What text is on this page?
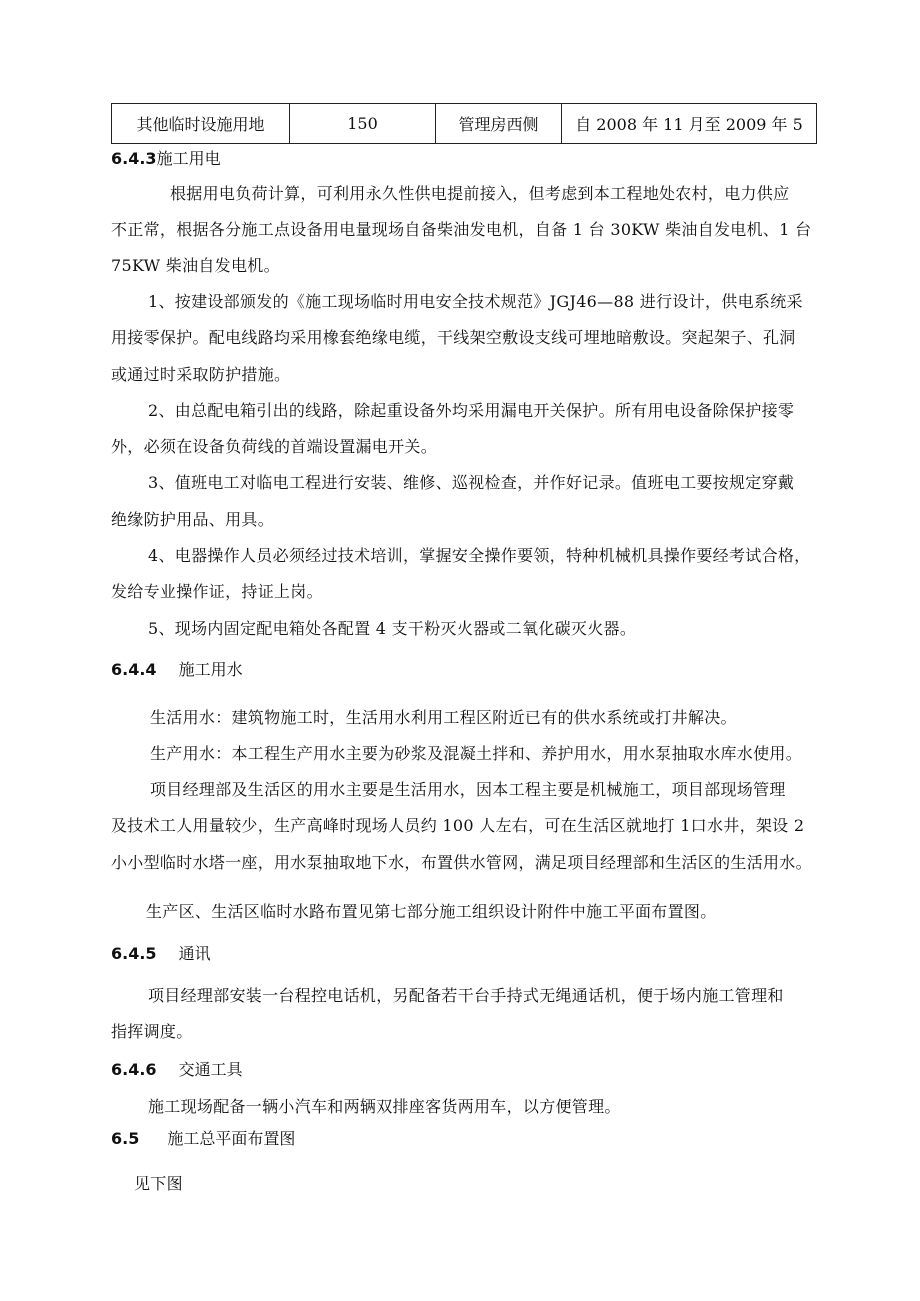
其他临时设施用地	150	管理房西侧	自 2008 年 11 月至 2009 年 5
6.4.3施工用电
根据用电负荷计算，可利用永久性供电提前接入，但考虑到本工程地处农村，电力供应
不正常，根据各分施工点设备用电量现场自备柴油发电机，自备 1 台 30KW 柴油自发电机、1 台
75KW 柴油自发电机。
1、按建设部颁发的《施工现场临时用电安全技术规范》JGJ46—88 进行设计，供电系统采
用接零保护。配电线路均采用橡套绝缘电缆，干线架空敷设支线可埋地暗敷设。突起架子、孔洞
或通过时采取防护措施。
2、由总配电箱引出的线路，除起重设备外均采用漏电开关保护。所有用电设备除保护接零
外，必须在设备负荷线的首端设置漏电开关。
3、值班电工对临电工程进行安装、维修、巡视检查，并作好记录。值班电工要按规定穿戴
绝缘防护用品、用具。
4、电器操作人员必须经过技术培训，掌握安全操作要领，特种机械机具操作要经考试合格，
发给专业操作证，持证上岗。
5、现场内固定配电箱处各配置 4 支干粉灭火器或二氧化碳灭火器。
6.4.4 施工用水
生活用水：建筑物施工时，生活用水利用工程区附近已有的供水系统或打井解决。
生产用水：本工程生产用水主要为砂浆及混凝土拌和、养护用水，用水泵抽取水库水使用。
项目经理部及生活区的用水主要是生活用水，因本工程主要是机械施工，项目部现场管理
及技术工人用量较少，生产高峰时现场人员约 100 人左右，可在生活区就地打 1口水井，架设 2
小小型临时水塔一座，用水泵抽取地下水，布置供水管网，满足项目经理部和生活区的生活用水。
生产区、生活区临时水路布置见第七部分施工组织设计附件中施工平面布置图。
6.4.5 通讯
项目经理部安装一台程控电话机，另配备若干台手持式无绳通话机，便于场内施工管理和
指挥调度。
6.4.6 交通工具
施工现场配备一辆小汽车和两辆双排座客货两用车，以方便管理。
6.5 施工总平面布置图
见下图
